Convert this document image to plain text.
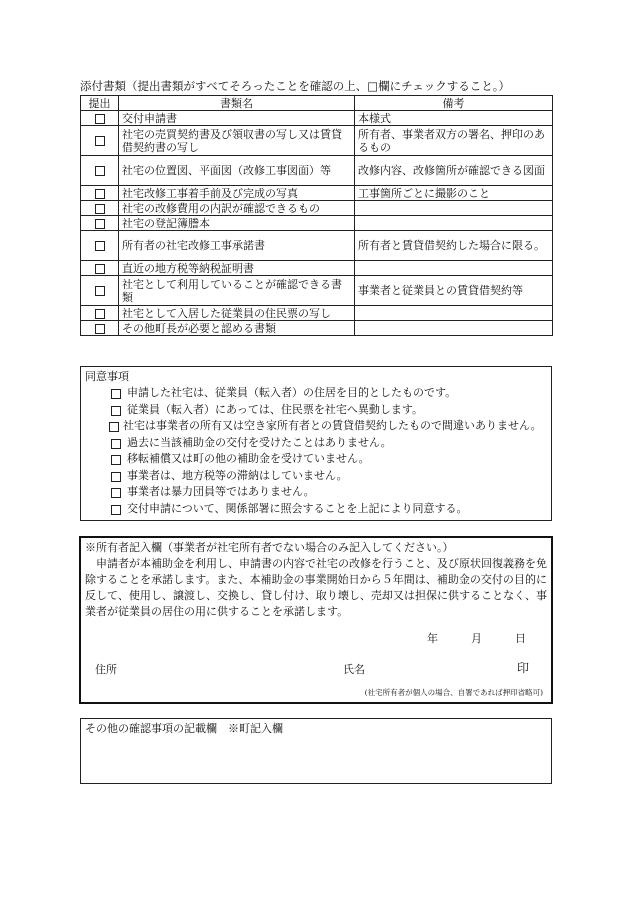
添付書類（提出書類がすべてそろったことを確認の上、□欄にチェックすること。）
提出	書類名	備考
	交付申請書	本様式
	社宅の売買契約書及び領収書の写し又は賃貸借契約書の写し	所有者、事業者双方の署名、押印のあるもの
	社宅の位置図、平面図（改修工事図面）等	改修内容、改修箇所が確認できる図面
	社宅改修工事着手前及び完成の写真	工事箇所ごとに撮影のこと
	社宅の改修費用の内訳が確認できるもの	
	社宅の登記簿謄本	
	所有者の社宅改修工事承諾書	所有者と賃貸借契約した場合に限る。
	直近の地方税等納税証明書	
	社宅として利用していることが確認できる書類	事業者と従業員との賃貸借契約等
	社宅として入居した従業員の住民票の写し	
	その他町長が必要と認める書類	
同意事項
申請した社宅は、従業員（転入者）の住居を目的としたものです。
従業員（転入者）にあっては、住民票を社宅へ異動します。
社宅は事業者の所有又は空き家所有者との賃貸借契約したもので間違いありません。
過去に当該補助金の交付を受けたことはありません。
移転補償又は町の他の補助金を受けていません。
事業者は、地方税等の滞納はしていません。
事業者は暴力団員等ではありません。
交付申請について、関係部署に照会することを上記により同意する。
※所有者記入欄（事業者が社宅所有者でない場合のみ記入してください。）
申請者が本補助金を利用し、申請書の内容で社宅の改修を行うこと、及び原状回復義務を免除することを承諾します。また、本補助金の事業開始日から５年間は、補助金の交付の目的に反して、使用し、譲渡し、交換し、貸し付け、取り壊し、売却又は担保に供することなく、事業者が従業員の居住の用に供することを承諾します。
年	月	日
住所	氏名	印
(社宅所有者が個人の場合、自署であれば押印省略可)
その他の確認事項の記載欄　※町記入欄
